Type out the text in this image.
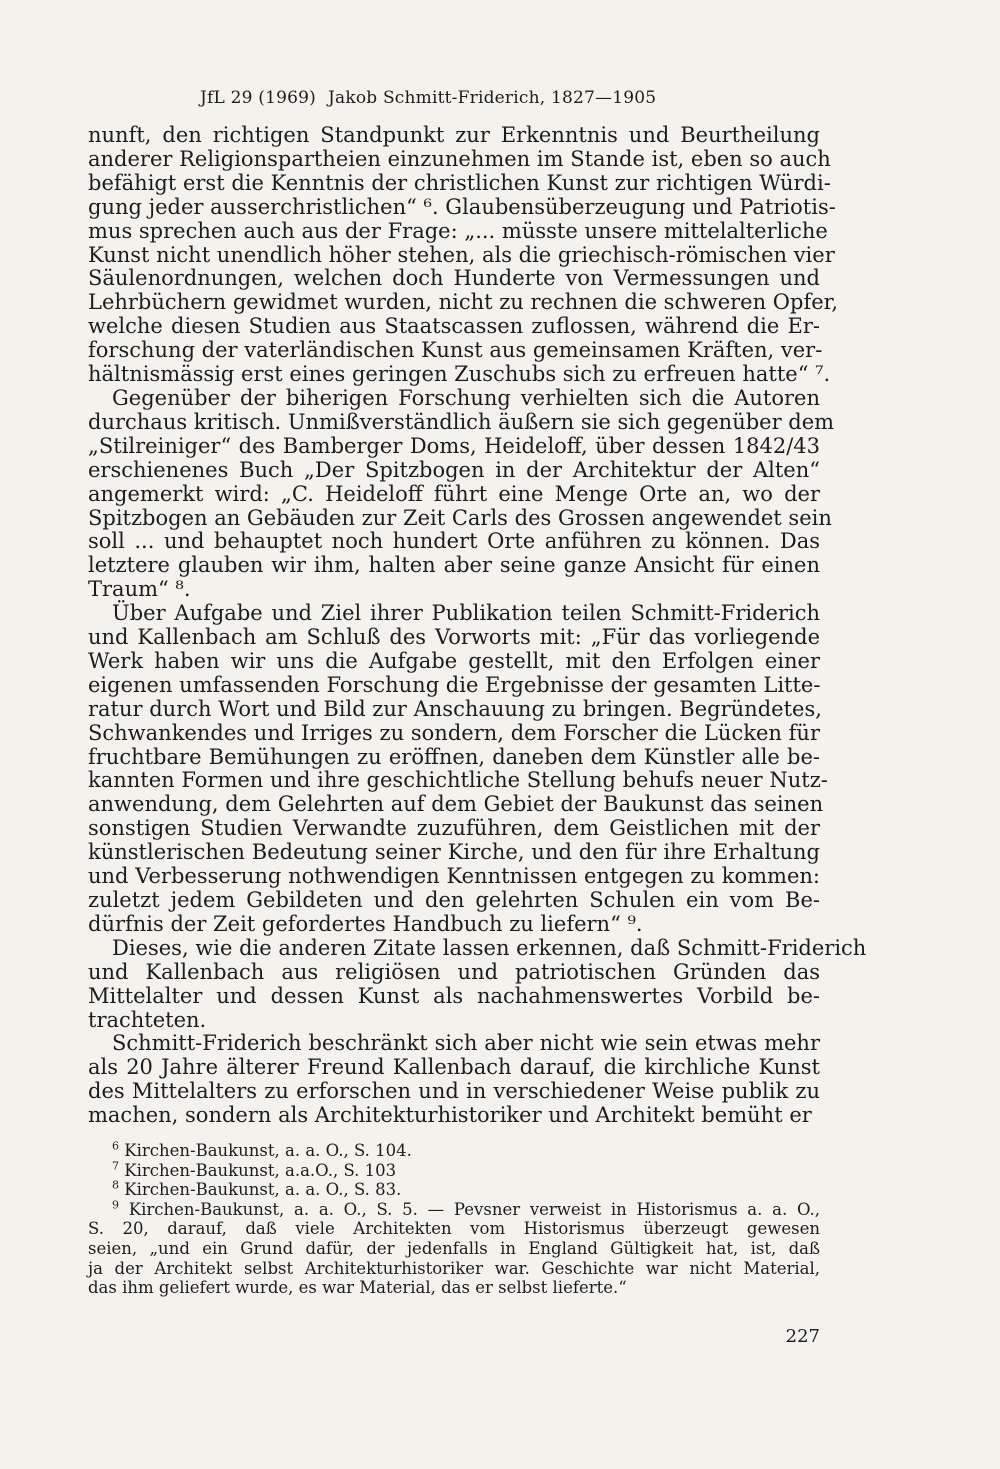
JfL 29 (1969) Jakob Schmitt-Friderich, 1827—1905

nunft, den richtigen Standpunkt zur Erkenntnis und Beurtheilung
anderer Religionspartheien einzunehmen im Stande ist, eben so auch
befähigt erst die Kenntnis der christlichen Kunst zur richtigen Würdi-
gung jeder ausserchristlichen“ ⁶. Glaubensüberzeugung und Patriotis-
mus sprechen auch aus der Frage: „... müsste unsere mittelalterliche
Kunst nicht unendlich höher stehen, als die griechisch-römischen vier
Säulenordnungen, welchen doch Hunderte von Vermessungen und
Lehrbüchern gewidmet wurden, nicht zu rechnen die schweren Opfer,
welche diesen Studien aus Staatscassen zuflossen, während die Er-
forschung der vaterländischen Kunst aus gemeinsamen Kräften, ver-
hältnismässig erst eines geringen Zuschubs sich zu erfreuen hatte“ ⁷.

Gegenüber der biherigen Forschung verhielten sich die Autoren
durchaus kritisch. Unmißverständlich äußern sie sich gegenüber dem
„Stilreiniger“ des Bamberger Doms, Heideloff, über dessen 1842/43
erschienenes Buch „Der Spitzbogen in der Architektur der Alten“
angemerkt wird: „C. Heideloff führt eine Menge Orte an, wo der
Spitzbogen an Gebäuden zur Zeit Carls des Grossen angewendet sein
soll ... und behauptet noch hundert Orte anführen zu können. Das
letztere glauben wir ihm, halten aber seine ganze Ansicht für einen
Traum“ ⁸.

Über Aufgabe und Ziel ihrer Publikation teilen Schmitt-Friderich
und Kallenbach am Schluß des Vorworts mit: „Für das vorliegende
Werk haben wir uns die Aufgabe gestellt, mit den Erfolgen einer
eigenen umfassenden Forschung die Ergebnisse der gesamten Litte-
ratur durch Wort und Bild zur Anschauung zu bringen. Begründetes,
Schwankendes und Irriges zu sondern, dem Forscher die Lücken für
fruchtbare Bemühungen zu eröffnen, daneben dem Künstler alle be-
kannten Formen und ihre geschichtliche Stellung behufs neuer Nutz-
anwendung, dem Gelehrten auf dem Gebiet der Baukunst das seinen
sonstigen Studien Verwandte zuzuführen, dem Geistlichen mit der
künstlerischen Bedeutung seiner Kirche, und den für ihre Erhaltung
und Verbesserung nothwendigen Kenntnissen entgegen zu kommen:
zuletzt jedem Gebildeten und den gelehrten Schulen ein vom Be-
dürfnis der Zeit gefordertes Handbuch zu liefern“ ⁹.

Dieses, wie die anderen Zitate lassen erkennen, daß Schmitt-Friderich
und Kallenbach aus religiösen und patriotischen Gründen das
Mittelalter und dessen Kunst als nachahmenswertes Vorbild be-
trachteten.

Schmitt-Friderich beschränkt sich aber nicht wie sein etwas mehr
als 20 Jahre älterer Freund Kallenbach darauf, die kirchliche Kunst
des Mittelalters zu erforschen und in verschiedener Weise publik zu
machen, sondern als Architekturhistoriker und Architekt bemüht er

$^6$ Kirchen-Baukunst, a. a. O., S. 104.
$^7$ Kirchen-Baukunst, a.a.O., S. 103
$^8$ Kirchen-Baukunst, a. a. O., S. 83.
$^9$ Kirchen-Baukunst, a. a. O., S. 5. — Pevsner verweist in Historismus a. a. O.,
S. 20, darauf, daß viele Architekten vom Historismus überzeugt gewesen
seien, „und ein Grund dafür, der jedenfalls in England Gültigkeit hat, ist, daß
ja der Architekt selbst Architekturhistoriker war. Geschichte war nicht Material,
das ihm geliefert wurde, es war Material, das er selbst lieferte.“
227
